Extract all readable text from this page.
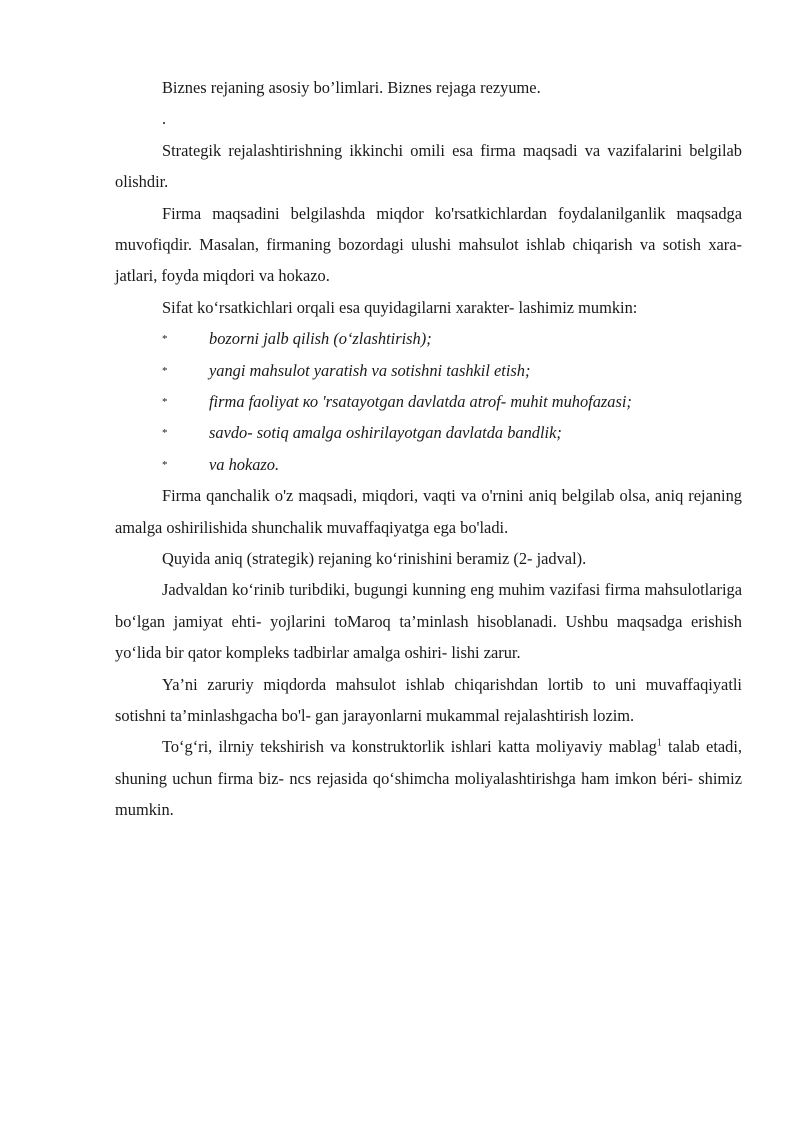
Biznes rejaning asosiy bo’limlari. Biznes rejaga rezyume.

.

Strategik rejalashtirishning ikkinchi omili esa firma maqsadi va vazifalarini belgilab olishdir.

Firma maqsadini belgilashda miqdor ko'rsatkichlardan foydalanilganlik maqsadga muvofiqdir. Masalan, firmaning bozordagi ulushi mahsulot ishlab chiqarish va sotish xara- jatlari, foyda miqdori va hokazo.

Sifat ko‘rsatkichlari orqali esa quyidagilarni xarakter- lashimiz mumkin:

*	bozorni jalb qilish (o‘zlashtirish);
*	yangi mahsulot yaratish va sotishni tashkil etish;
*	firma faoliyat ко 'rsatayotgan davlatda atrof- muhit muhofazasi;
*	savdo- sotiq amalga oshirilayotgan davlatda bandlik;
*	va hokazo.

Firma qanchalik o'z maqsadi, miqdori, vaqti va o'rnini aniq belgilab olsa, aniq rejaning amalga oshirilishida shunchalik muvaffaqiyatga ega bo'ladi.

Quyida aniq (strategik) rejaning ko‘rinishini beramiz (2- jadval).

Jadvaldan ko‘rinib turibdiki, bugungi kunning eng muhim vazifasi firma mahsulotlariga bo‘lgan jamiyat ehti- yojlarini toMaroq ta’minlash hisoblanadi. Ushbu maqsadga erishish yo‘lida bir qator kompleks tadbirlar amalga oshiri- lishi zarur.

Ya’ni zaruriy miqdorda mahsulot ishlab chiqarishdan lortib to uni muvaffaqiyatli sotishni ta’minlashgacha bo'l- gan jarayonlarni mukammal rejalashtirish lozim.

To‘g‘ri, ilrniy tekshirish va konstruktorlik ishlari katta moliyaviy mablag$^1$ talab etadi, shuning uchun firma biz- ncs rejasida qo‘shimcha moliyalashtirishga ham imkon béri- shimiz mumkin.
